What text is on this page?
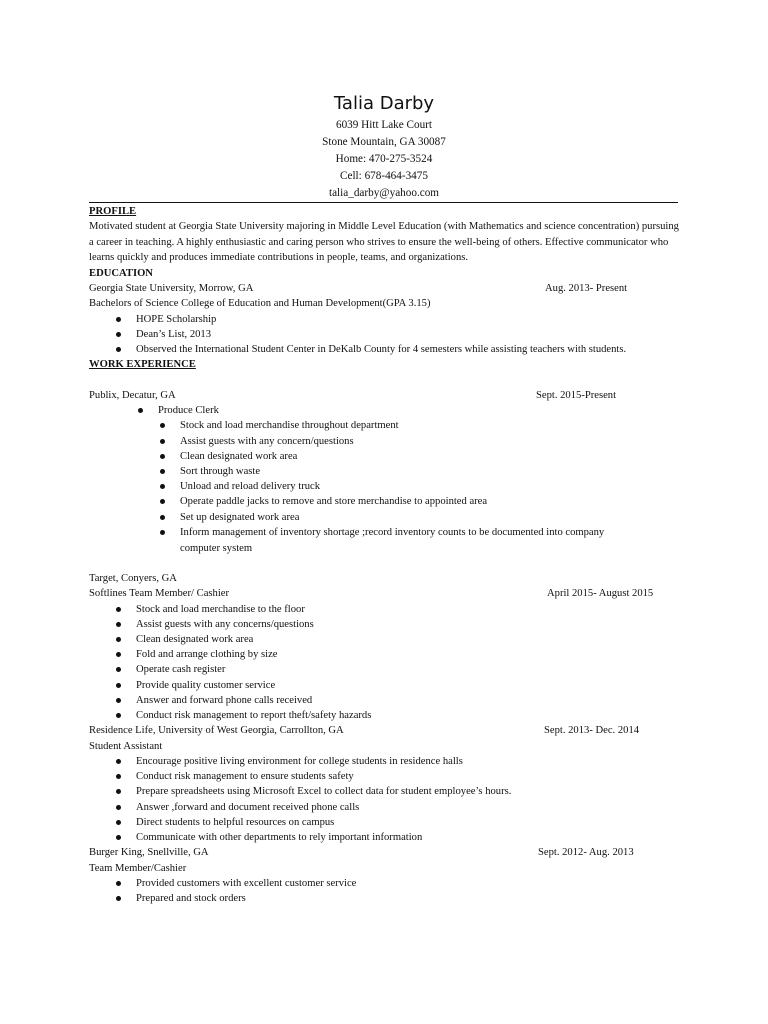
Talia Darby
6039 Hitt Lake Court
Stone Mountain, GA 30087
Home: 470-275-3524
Cell: 678-464-3475
talia_darby@yahoo.com
PROFILE
Motivated student at Georgia State University majoring in Middle Level Education (with Mathematics and science concentration) pursuing a career in teaching. A highly enthusiastic and caring person who strives to ensure the well-being of others. Effective communicator who learns quickly and produces immediate contributions in people, teams, and organizations.
EDUCATION
Georgia State University, Morrow, GA	Aug. 2013- Present
Bachelors of Science College of Education and Human Development(GPA 3.15)
HOPE Scholarship
Dean’s List, 2013
Observed the International Student Center in DeKalb County for 4 semesters while assisting teachers with students.
WORK EXPERIENCE
Publix, Decatur, GA	Sept. 2015-Present
Produce Clerk
Stock and load merchandise throughout department
Assist guests with any concern/questions
Clean designated work area
Sort through waste
Unload and reload delivery truck
Operate paddle jacks to remove and store merchandise to appointed area
Set up designated work area
Inform management of inventory shortage ;record inventory counts to be documented into company computer system
Target, Conyers, GA
Softlines Team Member/ Cashier	April 2015- August 2015
Stock and load merchandise to the floor
Assist guests with any concerns/questions
Clean designated work area
Fold and arrange clothing by size
Operate cash register
Provide quality customer service
Answer and forward phone calls received
Conduct risk management to report theft/safety hazards
Residence Life, University of West Georgia, Carrollton, GA	Sept. 2013- Dec. 2014
Student Assistant
Encourage positive living environment for college students in residence halls
Conduct risk management to ensure students safety
Prepare spreadsheets using Microsoft Excel to collect data for student employee’s hours.
Answer ,forward and document received phone calls
Direct students to helpful resources on campus
Communicate with other departments to rely important information
Burger King, Snellville, GA	Sept. 2012- Aug. 2013
Team Member/Cashier
Provided customers with excellent customer service
Prepared and stock orders
